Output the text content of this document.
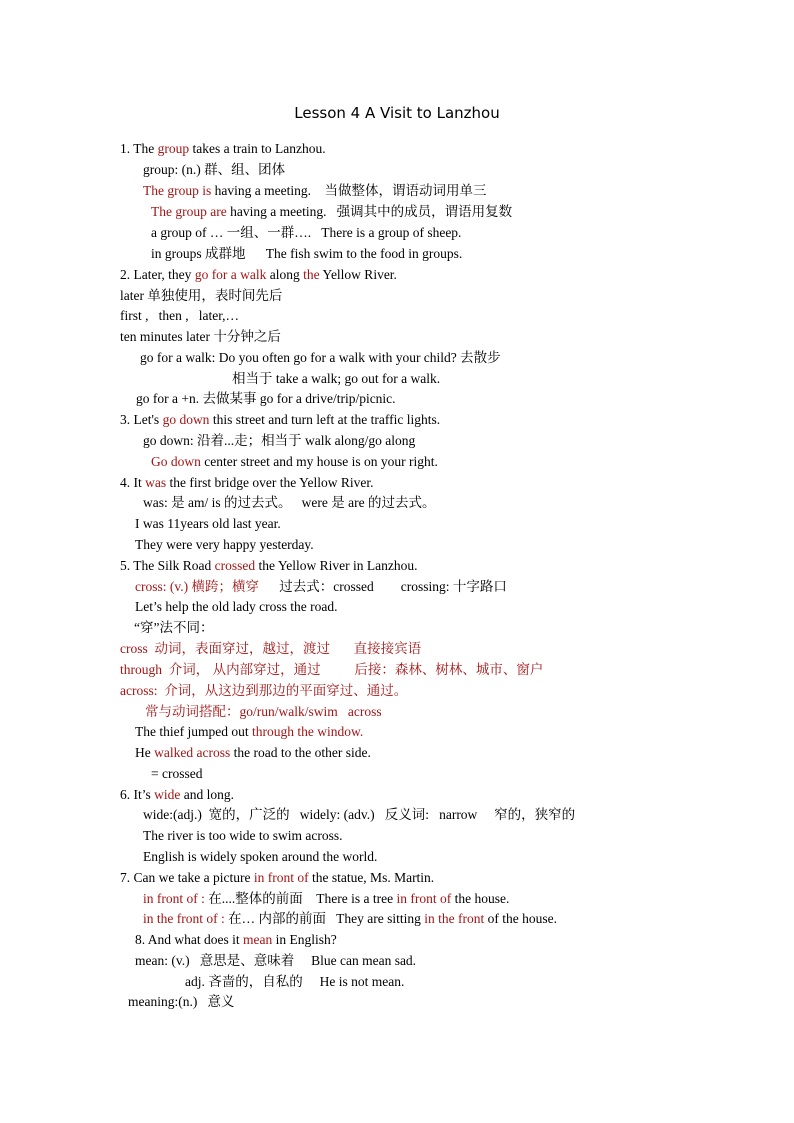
Lesson 4 A Visit to Lanzhou
1. The group takes a train to Lanzhou.
group: (n.) 群、组、团体
The group is having a meeting.    当做整体，谓语动词用单三
The group are having a meeting.   强调其中的成员，谓语用复数
a group of … 一组、一群….   There is a group of sheep.
in groups 成群地      The fish swim to the food in groups.
2. Later, they go for a walk along the Yellow River.
later 单独使用，表时间先后
first ,   then ,   later,…
ten minutes later 十分钟之后
go for a walk: Do you often go for a walk with your child? 去散步
相当于 take a walk; go out for a walk.
go for a +n. 去做某事 go for a drive/trip/picnic.
3. Let's go down this street and turn left at the traffic lights.
go down: 沿着...走；相当于 walk along/go along
Go down center street and my house is on your right.
4. It was the first bridge over the Yellow River.
was: 是 am/ is 的过去式。   were 是 are 的过去式。
I was 11years old last year.
They were very happy yesterday.
5. The Silk Road crossed the Yellow River in Lanzhou.
cross: (v.) 横跨；横穿      过去式：crossed        crossing: 十字路口
Let’s help the old lady cross the road.
“穿”法不同：
cross  动词，表面穿过，越过，渡过       直接接宾语
through  介词， 从内部穿过，通过          后接：森林、树林、城市、窗户
across:  介词，从这边到那边的平面穿过、通过。
常与动词搭配：go/run/walk/swim   across
The thief jumped out through the window.
He walked across the road to the other side.
= crossed
6. It’s wide and long.
wide:(adj.)  宽的，广泛的   widely: (adv.)   反义词:   narrow     窄的，狭窄的
The river is too wide to swim across.
English is widely spoken around the world.
7. Can we take a picture in front of the statue, Ms. Martin.
in front of : 在....整体的前面    There is a tree in front of the house.
in the front of : 在… 内部的前面   They are sitting in the front of the house.
8. And what does it mean in English?
mean: (v.)   意思是、意味着     Blue can mean sad.
adj. 吝啬的，自私的     He is not mean.
meaning:(n.)   意义
